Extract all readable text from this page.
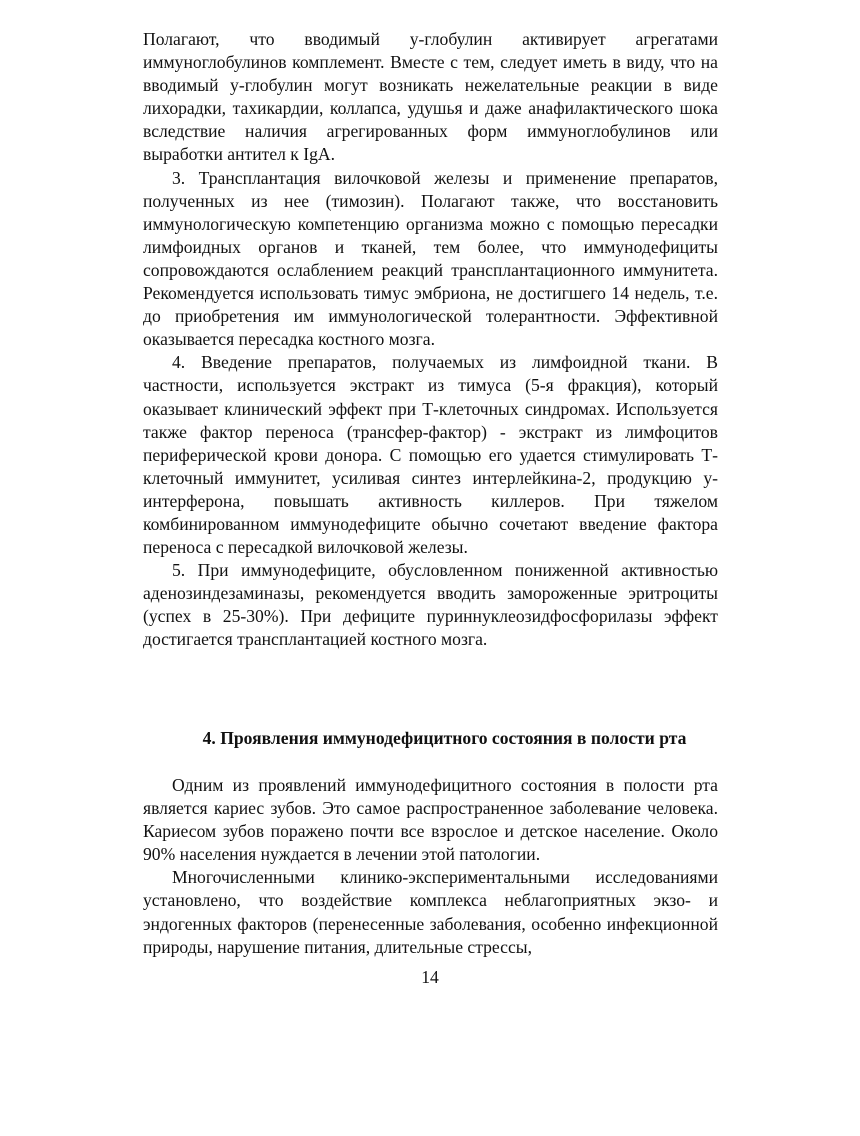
Полагают, что вводимый у-глобулин активирует агрегатами иммуноглобулинов комплемент. Вместе с тем, следует иметь в виду, что на вводимый у-глобулин могут возникать нежелательные реакции в виде лихорадки, тахикардии, коллапса, удушья и даже анафилактического шока вследствие наличия агрегированных форм иммуноглобулинов или выработки антител к IgA.

3. Трансплантация вилочковой железы и применение препаратов, полученных из нее (тимозин). Полагают также, что восстановить иммунологическую компетенцию организма можно с помощью пересадки лимфоидных органов и тканей, тем более, что иммунодефициты сопровождаются ослаблением реакций трансплантационного иммунитета. Рекомендуется использовать тимус эмбриона, не достигшего 14 недель, т.е. до приобретения им иммунологической толерантности. Эффективной оказывается пересадка костного мозга.

4. Введение препаратов, получаемых из лимфоидной ткани. В частности, используется экстракт из тимуса (5-я фракция), который оказывает клинический эффект при Т-клеточных синдромах. Используется также фактор переноса (трансфер-фактор) - экстракт из лимфоцитов периферической крови донора. С помощью его удается стимулировать Т-клеточный иммунитет, усиливая синтез интерлейкина-2, продукцию у-интерферона, повышать активность киллеров. При тяжелом комбинированном иммунодефиците обычно сочетают введение фактора переноса с пересадкой вилочковой железы.

5. При иммунодефиците, обусловленном пониженной активностью аденозиндезаминазы, рекомендуется вводить замороженные эритроциты (успех в 25-30%). При дефиците пуриннуклеозидфосфорилазы эффект достигается трансплантацией костного мозга.

4. Проявления иммунодефицитного состояния в полости рта

Одним из проявлений иммунодефицитного состояния в полости рта является кариес зубов. Это самое распространенное заболевание человека. Кариесом зубов поражено почти все взрослое и детское население. Около 90% населения нуждается в лечении этой патологии.

Многочисленными клинико-экспериментальными исследованиями установлено, что воздействие комплекса неблагоприятных экзо- и эндогенных факторов (перенесенные заболевания, особенно инфекционной природы, нарушение питания, длительные стрессы,

14
